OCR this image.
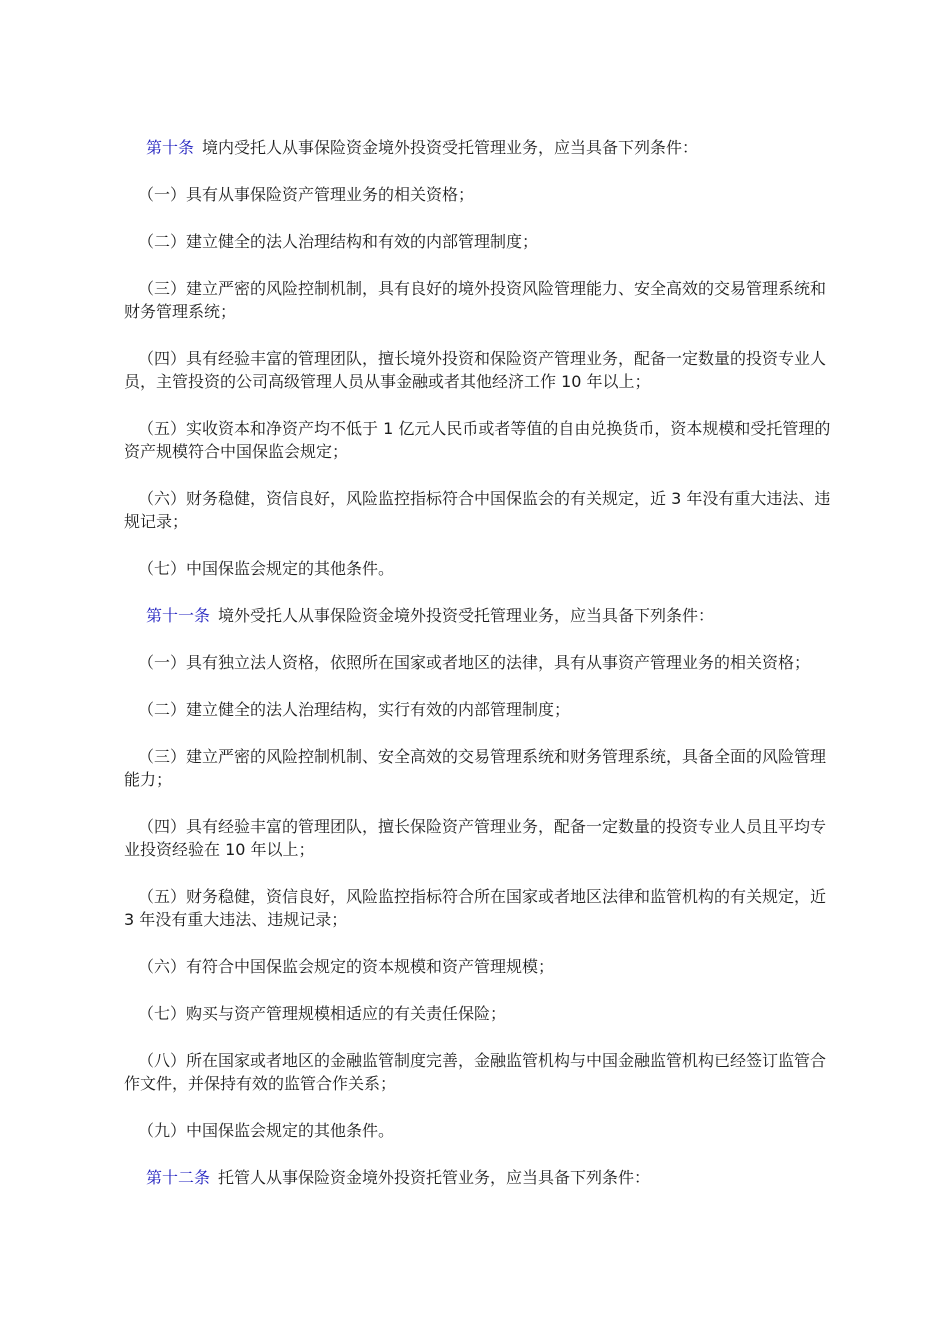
第十条 境内受托人从事保险资金境外投资受托管理业务，应当具备下列条件：

（一）具有从事保险资产管理业务的相关资格；

（二）建立健全的法人治理结构和有效的内部管理制度；

（三）建立严密的风险控制机制，具有良好的境外投资风险管理能力、安全高效的交易管理系统和财务管理系统；

（四）具有经验丰富的管理团队，擅长境外投资和保险资产管理业务，配备一定数量的投资专业人员，主管投资的公司高级管理人员从事金融或者其他经济工作 10 年以上；

（五）实收资本和净资产均不低于 1 亿元人民币或者等值的自由兑换货币，资本规模和受托管理的资产规模符合中国保监会规定；

（六）财务稳健，资信良好，风险监控指标符合中国保监会的有关规定，近 3 年没有重大违法、违规记录；

（七）中国保监会规定的其他条件。

第十一条 境外受托人从事保险资金境外投资受托管理业务，应当具备下列条件：

（一）具有独立法人资格，依照所在国家或者地区的法律，具有从事资产管理业务的相关资格；

（二）建立健全的法人治理结构，实行有效的内部管理制度；

（三）建立严密的风险控制机制、安全高效的交易管理系统和财务管理系统，具备全面的风险管理能力；

（四）具有经验丰富的管理团队，擅长保险资产管理业务，配备一定数量的投资专业人员且平均专业投资经验在 10 年以上；

（五）财务稳健，资信良好，风险监控指标符合所在国家或者地区法律和监管机构的有关规定，近 3 年没有重大违法、违规记录；

（六）有符合中国保监会规定的资本规模和资产管理规模；

（七）购买与资产管理规模相适应的有关责任保险；

（八）所在国家或者地区的金融监管制度完善，金融监管机构与中国金融监管机构已经签订监管合作文件，并保持有效的监管合作关系；

（九）中国保监会规定的其他条件。

第十二条 托管人从事保险资金境外投资托管业务，应当具备下列条件：
